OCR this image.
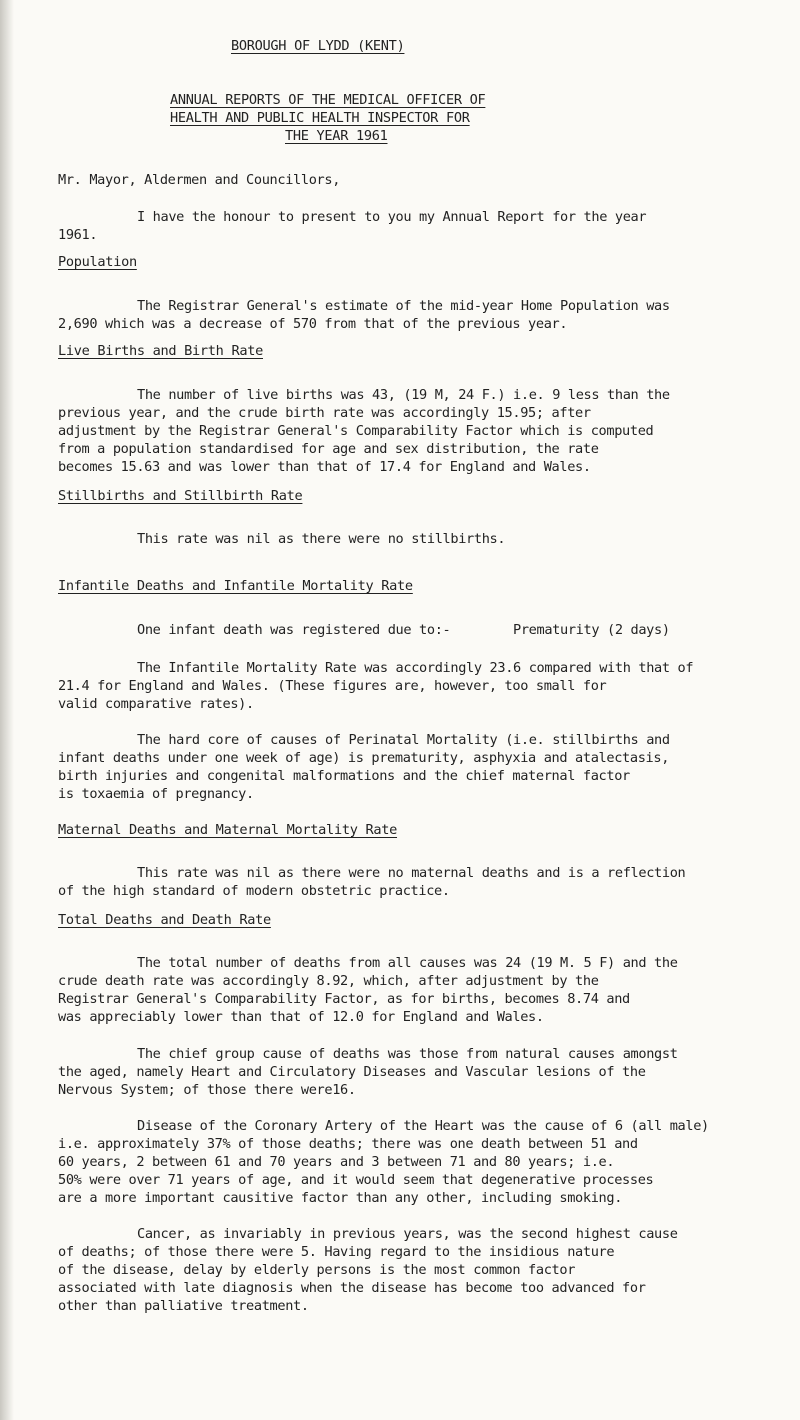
BOROUGH OF LYDD (KENT)
ANNUAL REPORTS OF THE MEDICAL OFFICER OF
HEALTH AND PUBLIC HEALTH INSPECTOR FOR
THE YEAR 1961
Mr. Mayor, Aldermen and Councillors,
I have the honour to present to you my Annual Report for the year
1961.
Population
The Registrar General's estimate of the mid-year Home Population was
2,690 which was a decrease of 570 from that of the previous year.
Live Births and Birth Rate
The number of live births was 43, (19 M, 24 F.) i.e. 9 less than the
previous year, and the crude birth rate was accordingly 15.95; after
adjustment by the Registrar General's Comparability Factor which is computed
from a population standardised for age and sex distribution, the rate
becomes 15.63 and was lower than that of 17.4 for England and Wales.
Stillbirths and Stillbirth Rate
This rate was nil as there were no stillbirths.
Infantile Deaths and Infantile Mortality Rate
One infant death was registered due to:-	Prematurity (2 days)
The Infantile Mortality Rate was accordingly 23.6 compared with that of
21.4 for England and Wales. (These figures are, however, too small for
valid comparative rates).
The hard core of causes of Perinatal Mortality (i.e. stillbirths and
infant deaths under one week of age) is prematurity, asphyxia and atalectasis,
birth injuries and congenital malformations and the chief maternal factor
is toxaemia of pregnancy.
Maternal Deaths and Maternal Mortality Rate
This rate was nil as there were no maternal deaths and is a reflection
of the high standard of modern obstetric practice.
Total Deaths and Death Rate
The total number of deaths from all causes was 24 (19 M. 5 F) and the
crude death rate was accordingly 8.92, which, after adjustment by the
Registrar General's Comparability Factor, as for births, becomes 8.74 and
was appreciably lower than that of 12.0 for England and Wales.
The chief group cause of deaths was those from natural causes amongst
the aged, namely Heart and Circulatory Diseases and Vascular lesions of the
Nervous System; of those there were16.
Disease of the Coronary Artery of the Heart was the cause of 6 (all male)
i.e. approximately 37% of those deaths; there was one death between 51 and
60 years, 2 between 61 and 70 years and 3 between 71 and 80 years; i.e.
50% were over 71 years of age, and it would seem that degenerative processes
are a more important causitive factor than any other, including smoking.
Cancer, as invariably in previous years, was the second highest cause
of deaths; of those there were 5. Having regard to the insidious nature
of the disease, delay by elderly persons is the most common factor
associated with late diagnosis when the disease has become too advanced for
other than palliative treatment.
